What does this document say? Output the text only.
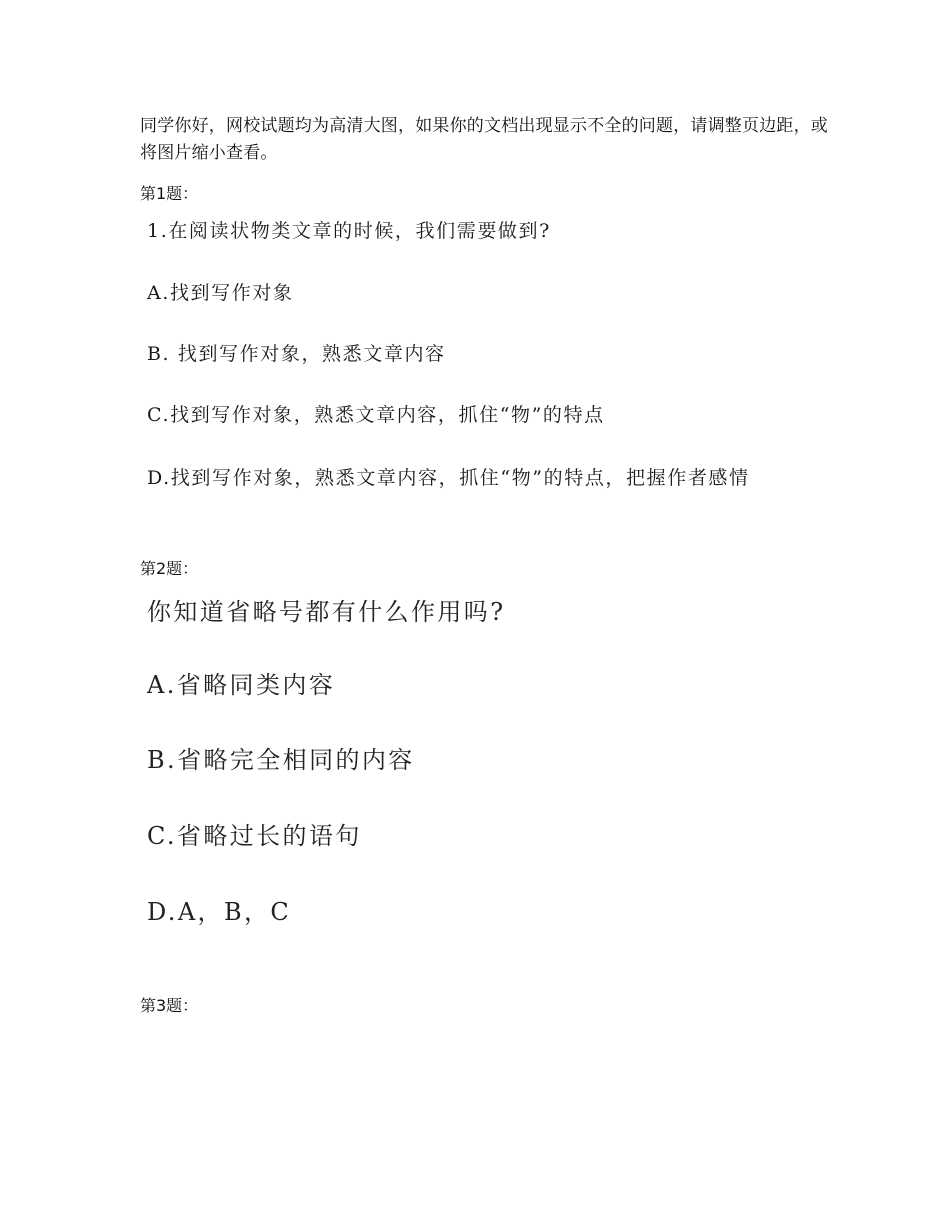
同学你好，网校试题均为高清大图，如果你的文档出现显示不全的问题，请调整页边距，或将图片缩小查看。
第1题：
1.在阅读状物类文章的时候，我们需要做到?
A.找到写作对象
B. 找到写作对象，熟悉文章内容
C.找到写作对象，熟悉文章内容，抓住“物”的特点
D.找到写作对象，熟悉文章内容，抓住“物”的特点，把握作者感情
第2题：
你知道省略号都有什么作用吗?
A.省略同类内容
B.省略完全相同的内容
C.省略过长的语句
D.A，B，C
第3题：
